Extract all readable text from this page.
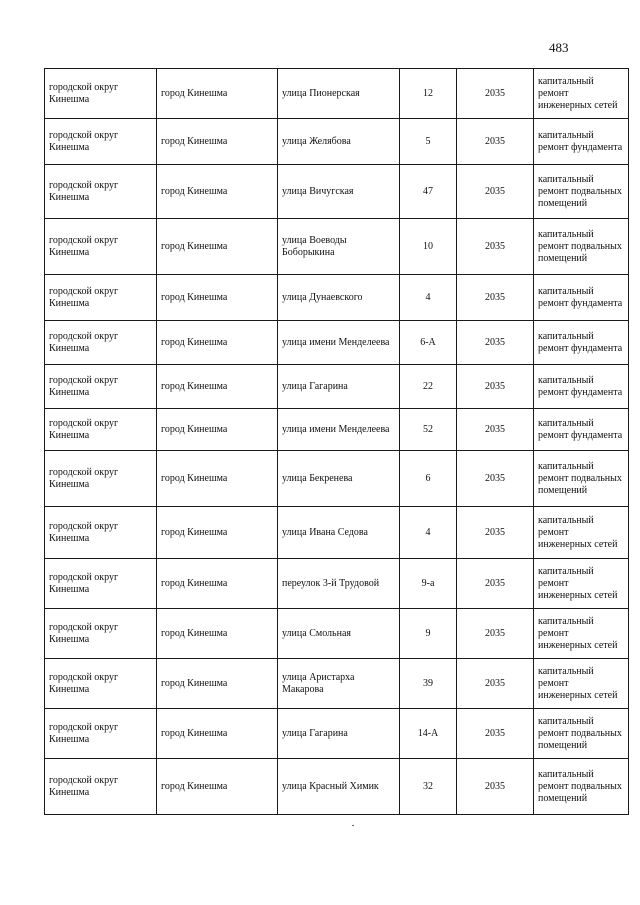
483
городской округ Кинешма	город Кинешма	улица Пионерская	12	2035	капитальный ремонт инженерных сетей
городской округ Кинешма	город Кинешма	улица Желябова	5	2035	капитальный ремонт фундамента
городской округ Кинешма	город Кинешма	улица Вичугская	47	2035	капитальный ремонт подвальных помещений
городской округ Кинешма	город Кинешма	улица Воеводы Боборыкина	10	2035	капитальный ремонт подвальных помещений
городской округ Кинешма	город Кинешма	улица Дунаевского	4	2035	капитальный ремонт фундамента
городской округ Кинешма	город Кинешма	улица имени Менделеева	6-А	2035	капитальный ремонт фундамента
городской округ Кинешма	город Кинешма	улица Гагарина	22	2035	капитальный ремонт фундамента
городской округ Кинешма	город Кинешма	улица имени Менделеева	52	2035	капитальный ремонт фундамента
городской округ Кинешма	город Кинешма	улица Бекренева	6	2035	капитальный ремонт подвальных помещений
городской округ Кинешма	город Кинешма	улица Ивана Седова	4	2035	капитальный ремонт инженерных сетей
городской округ Кинешма	город Кинешма	переулок 3-й Трудовой	9-а	2035	капитальный ремонт инженерных сетей
городской округ Кинешма	город Кинешма	улица Смольная	9	2035	капитальный ремонт инженерных сетей
городской округ Кинешма	город Кинешма	улица Аристарха Макарова	39	2035	капитальный ремонт инженерных сетей
городской округ Кинешма	город Кинешма	улица Гагарина	14-А	2035	капитальный ремонт подвальных помещений
городской округ Кинешма	город Кинешма	улица Красный Химик	32	2035	капитальный ремонт подвальных помещений
